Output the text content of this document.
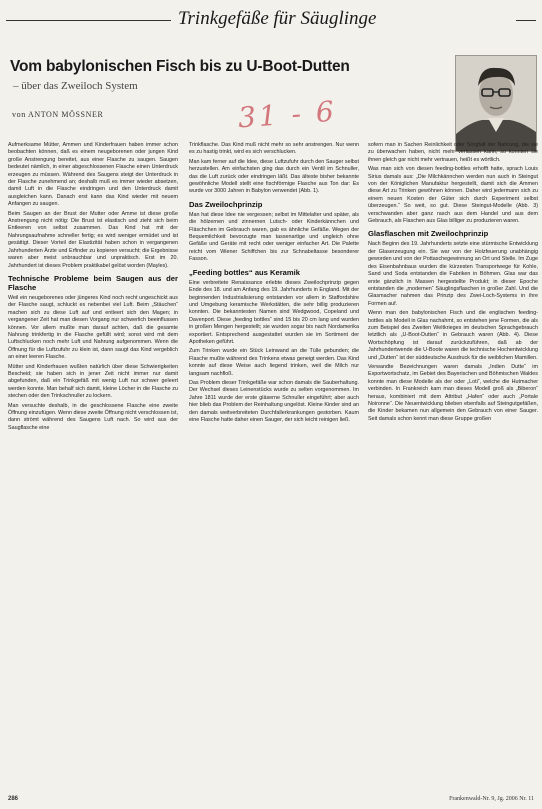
Trinkgefäße für Säuglinge
Vom babylonischen Fisch bis zu U-Boot-Dutten
– über das Zweiloch System
von ANTON MÖSSNER	31 - 6

Aufmerksame Mütter, Ammen und Kinderfrauen haben immer schon beobachten können, daß es einem neugeborenen oder jungen Kind große Anstrengung bereitet, aus einer Flasche zu saugen. Saugen bedeutet nämlich, in einer abgeschlossenen Flasche einen Unterdruck erzeugen zu müssen. Während des Saugens steigt der Unterdruck in der Flasche zunehmend an; deshalb muß es immer wieder absetzen, damit Luft in die Flasche eindringen und den Unterdruck damit ausgleichen kann. Danach erst kann das Kind wieder mit neuem Anfangen zu saugen.

Beim Saugen an der Brust der Mutter oder Amme ist diese große Anstrengung nicht nötig: Die Brust ist elastisch und zieht sich beim Entleeren von selbst zusammen. Das Kind hat mit der Nahrungsaufnahme schneller fertig; es wird weniger ermüdet und ist gesättigt. Dieser Vorteil der Elastizität haben schon in vergangenen Jahrhunderten Ärzte und Erfinder zu kopieren versucht; die Ergebnisse waren aber meist unbrauchbar und unpraktisch. Erst im 20. Jahrhundert ist dieses Problem praktikabel gelöst worden (Mayles).

Technische Probleme beim Saugen aus der Flasche

Weil ein neugeborenes oder jüngeres Kind noch recht ungeschickt aus der Flasche saugt, schluckt es nebenbei viel Luft. Beim „Stäuchen“ machen sich zu diese Luft auf und entleert sich den Magen; in vergangener Zeit hat man diesen Vorgang nur schwerlich beeinflussen können. Vor allem mußte man darauf achten, daß die gesamte Nahrung trinkfertig in die Flasche gefüllt wird; sonst wird mit dem Luftschlucken noch mehr Luft und Nahrung aufgenommen. Wenn die Öffnung für die Luftzufuhr zu klein ist, dann saugt das Kind vergeblich an einer leeren Flasche.

Mütter und Kinderfrauen wußten natürlich über diese Schwierigkeiten Bescheid; sie haben sich in jener Zeit nicht immer nur damit abgefunden, daß ein Trinkgefäß mit wenig Luft nur schwer geleert werden konnte. Man behalf sich damit, kleine Löcher in die Flasche zu stechen oder den Trinkschnuller zu lockern.

Man versuchte deshalb, in die geschlossene Flasche eine zweite Öffnung einzufügen. Wenn diese zweite Öffnung nicht verschlossen ist, dann strömt während des Saugens Luft nach. So wird aus der Saugflasche eine

Trinkflasche. Das Kind muß nicht mehr so sehr anstrengen. Nur wenn es zu hastig trinkt, wird es sich verschlucken.

Man kam ferner auf die Idee, diese Luftzufuhr durch den Sauger selbst herzustellen. Am einfachsten ging das durch ein Ventil im Schnuller, das die Luft zurück oder eindringen läßt. Das älteste bisher bekannte gewöhnliche Modell stellt eine fischförmige Flasche aus Ton dar: Es wurde vor 3000 Jahren in Babylon verwendet (Abb. 1).

Das Zweilochprinzip

Man hat diese Idee nie vergessen; selbst im Mittelalter und später, als die hölzernen und zinnernen Lutsch- oder Kinderkännchen und Fläschchen im Gebrauch waren, gab es ähnliche Gefäße. Wegen der Bequemlichkeit bevorzugte man tassenartige und ungleich ohne Gefäße und Geräte mit recht oder weniger einfacher Art. Die Palette reicht vom Wiener Schiffchen bis zur Schnabeltasse besonderer Fasson.

„Feeding bottles“ aus Keramik

Eine verbreitete Renaissance erlebte dieses Zweilochprinzip gegen Ende des 18. und am Anfang des 19. Jahrhunderts in England. Mit der beginnenden Industrialisierung entstanden vor allem in Staffordshire und Umgebung keramische Werkstätten, die sehr billig produzieren konnten. Die bekanntesten Namen sind Wedgwood, Copeland und Davenport. Diese „feeding bottles“ sind 15 bis 20 cm lang und wurden in großen Mengen hergestellt; sie wurden sogar bis nach Nordamerika exportiert. Entsprechend ausgestattet wurden sie im Sortiment der Apotheken geführt.

Zum Trinken wurde ein Stück Leinwand an die Tülle gebunden; die Flasche mußte während des Trinkens etwas geneigt werden. Das Kind konnte auf diese Weise auch liegend trinken, weil die Milch nur langsam nachfloß.

Das Problem dieser Trinkgefäße war schon damals die Sauberhaltung. Der Wechsel dieses Leinenstücks wurde zu selten vorgenommen. Im Jahre 1811 wurde der erste gläserne Schnuller eingeführt; aber auch hier blieb das Problem der Reinhaltung ungelöst. Kleine Kinder sind an den damals weitverbreiteten Durchfallerkrankungen gestorben. Kaum eine Flasche hatte daher einen Sauger, der sich leicht reinigen ließ.

sofern man in Sachen Reinlichkeit oder Sorgfalt der Nahrung, die sie zu überwachen haben, nicht mehr verlassen kann, so konnten sie ihnen gleich gar nicht mehr vertrauen, heißt es wörtlich.

Was man sich von diesen feeding-bottles erhofft hatte, sprach Louis Sirius damals aus: „Die Milchkännchen werden nun auch in Steingut von der Königlichen Manufaktur hergestellt, damit sich die Ammen diese Art zu Trinken gewöhnen können. Daher wird jedermann sich zu einem neuen Kosten der Güter sich durch Experiment selbst überzeugen.“ So weit, so gut. Diese Steingut-Modelle (Abb. 3) verschwanden aber ganz rasch aus dem Handel und aus dem Gebrauch, als Flaschen aus Glas billiger zu produzieren waren.

Glasflaschen mit Zweilochprinzip

Nach Beginn des 19. Jahrhunderts setzte eine stürmische Entwicklung der Glaserzeugung ein. Sie war von der Holzfeuerung unabhängig geworden und von der Pottaschegewinnung an Ort und Stelle. Im Zuge des Eisenbahnbaus wurden die kürzesten Transportwege für Kohle, Sand und Soda entstanden die Fabriken in Böhmen. Glas war das erste gänzlich in Massen hergestellte Produkt; in dieser Epoche entstanden die „modernen“ Säuglingsflaschen in großer Zahl. Und die Glasmacher nahmen das Prinzip des Zwei-Loch-Systems in ihre Formen auf.

Wenn man den babylonischen Fisch und die englischen feeding-bottles als Modell in Glas nachahmt, so entstehen jene Formen, die als zum Beispiel des Zweiten Weltkrieges im deutschen Sprachgebrauch letztlich als „U-Boot-Dutten“ in Gebrauch waren (Abb. 4). Diese Wortschöpfung ist darauf zurückzuführen, daß ab der Jahrhundertwende die U-Boote waren die technische Hochentwicklung und „Dutten“ ist der süddeutsche Ausdruck für die weiblichen Mamillen.

Verwandte Bezeichnungen waren damals „Indien Dutte“ im Exportwortschatz, im Gebiet des Bayerischen und Böhmischen Waldes konnte man diese Modelle als der oder „Loti“, welche die Hutmacher verbinden. In Frankreich kam man dieses Modell groß als „Biberon“ heraus, kombiniert mit dem Attribut „Hafen“ oder auch „Portale Noironne“. Die Neuentwicklung blieben ebenfalls auf Steingutgefäßen, die Kinder bekamen nun allgemein den Gebrauch von einer Sauger. Seit damals schon kennt man diese Gruppe großen

286	Frankenwald-Nr. 9, Jg. 2006 Nr. 11
